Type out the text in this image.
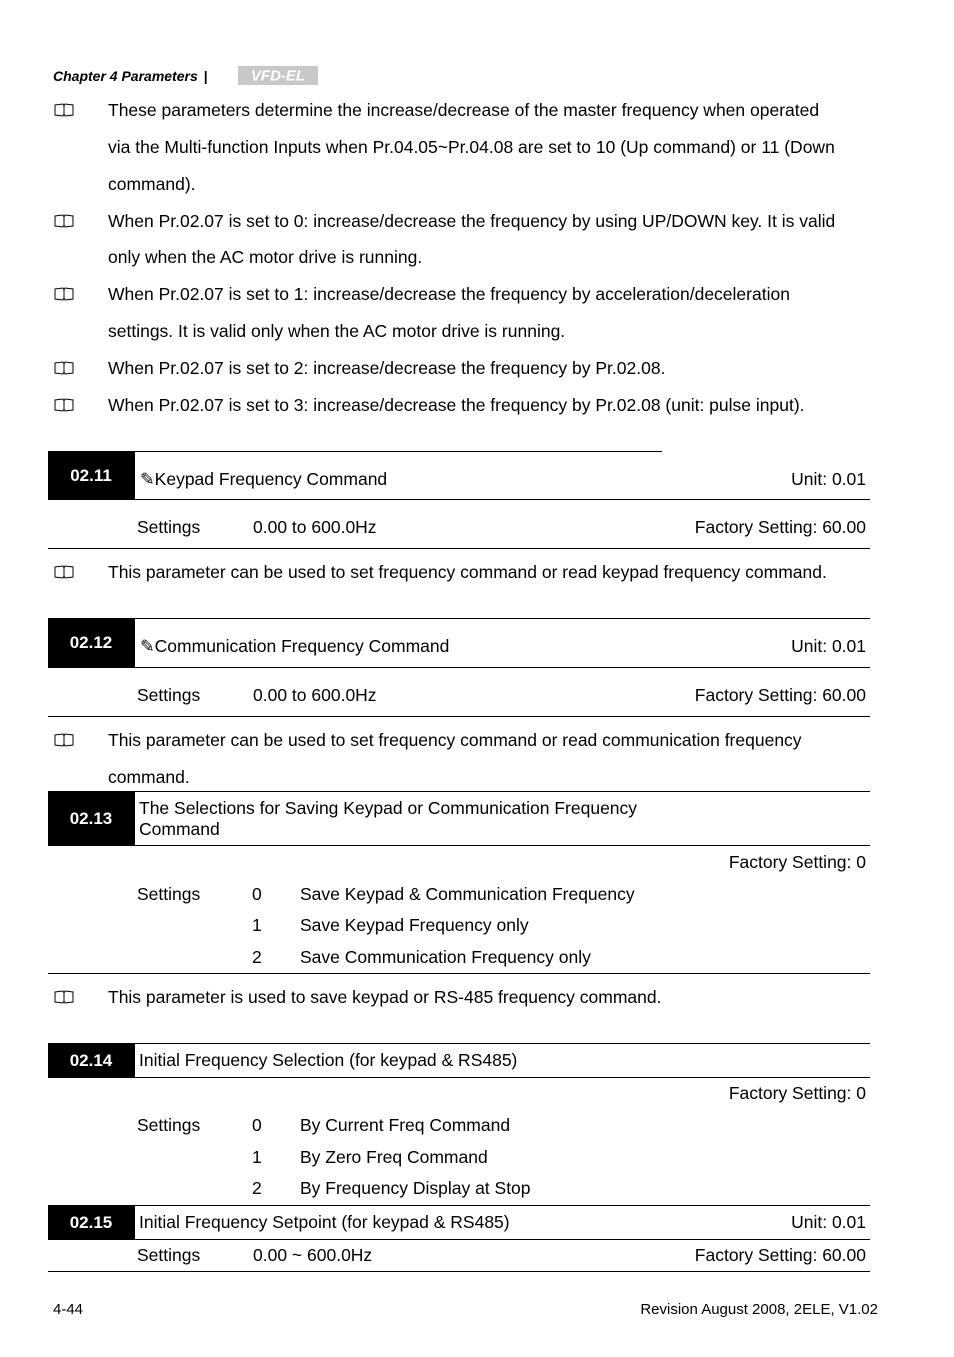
Chapter 4 Parameters |	VFD-EL
These parameters determine the increase/decrease of the master frequency when operated
via the Multi-function Inputs when Pr.04.05~Pr.04.08 are set to 10 (Up command) or 11 (Down
command).
When Pr.02.07 is set to 0: increase/decrease the frequency by using UP/DOWN key. It is valid
only when the AC motor drive is running.
When Pr.02.07 is set to 1: increase/decrease the frequency by acceleration/deceleration
settings. It is valid only when the AC motor drive is running.
When Pr.02.07 is set to 2: increase/decrease the frequency by Pr.02.08.
When Pr.02.07 is set to 3: increase/decrease the frequency by Pr.02.08 (unit: pulse input).
02.11	✎Keypad Frequency Command	Unit: 0.01
Settings	0.00 to 600.0Hz	Factory Setting: 60.00
This parameter can be used to set frequency command or read keypad frequency command.
02.12	✎Communication Frequency Command	Unit: 0.01
Settings	0.00 to 600.0Hz	Factory Setting: 60.00
This parameter can be used to set frequency command or read communication frequency
command.
02.13	The Selections for Saving Keypad or Communication Frequency
Command
Factory Setting: 0
Settings	0 Save Keypad & Communication Frequency
1 Save Keypad Frequency only
2 Save Communication Frequency only
This parameter is used to save keypad or RS-485 frequency command.
02.14	Initial Frequency Selection (for keypad & RS485)
Factory Setting: 0
Settings	0 By Current Freq Command
1 By Zero Freq Command
2 By Frequency Display at Stop
02.15	Initial Frequency Setpoint (for keypad & RS485)	Unit: 0.01
Settings	0.00 ~ 600.0Hz	Factory Setting: 60.00
4-44	Revision August 2008, 2ELE, V1.02
